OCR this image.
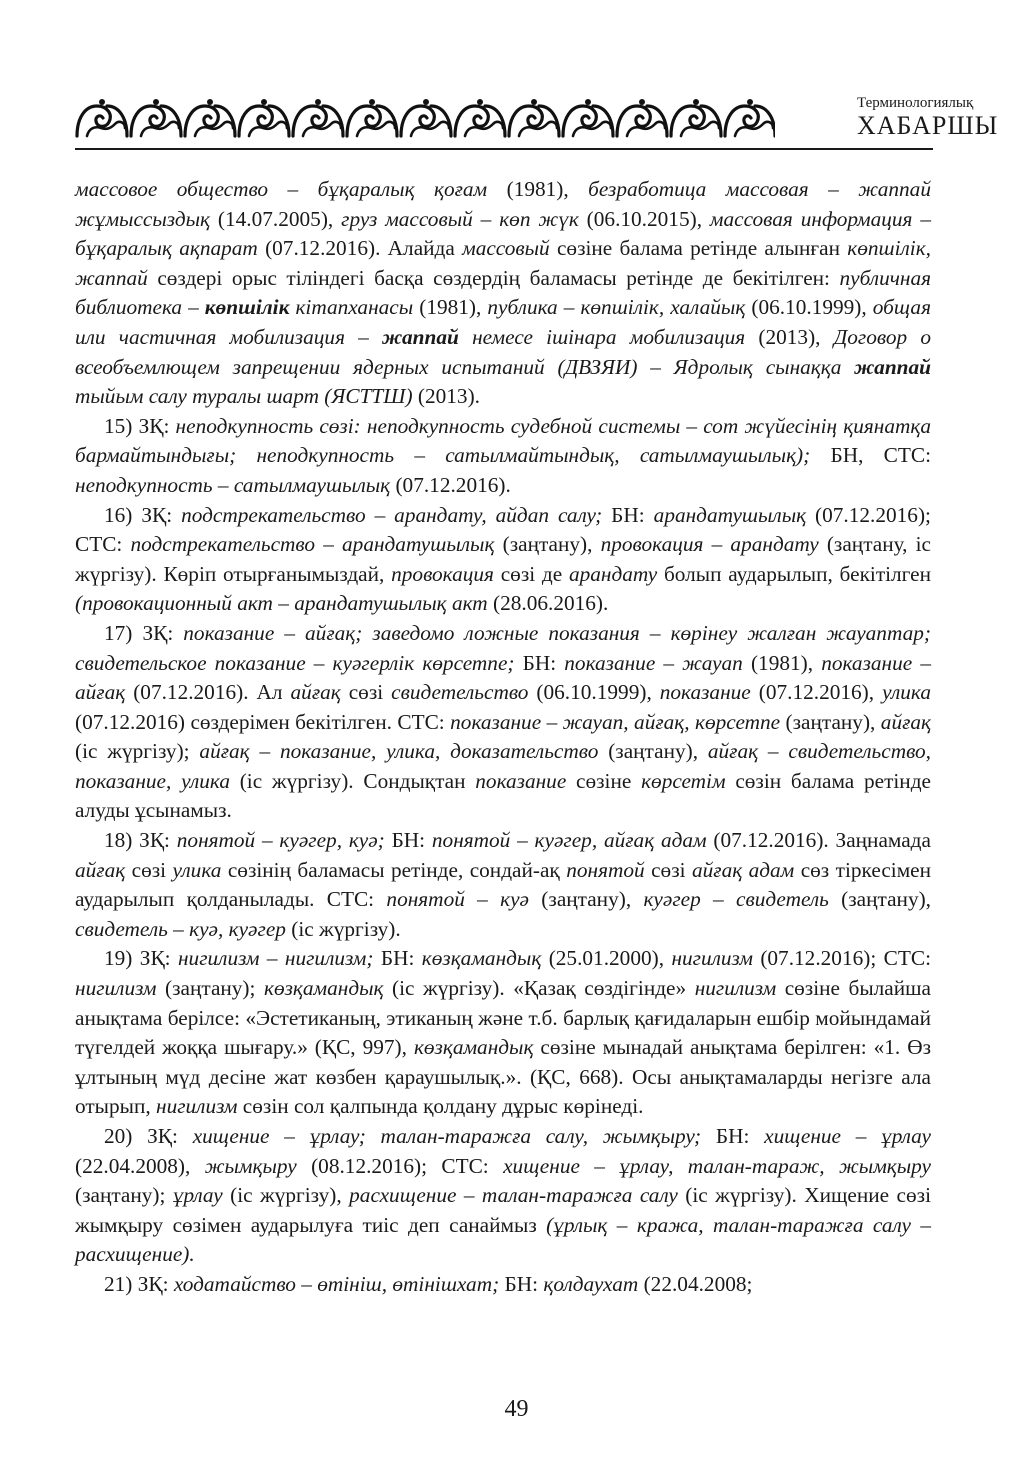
Терминологиялық
ХАБАРШЫ

массовое общество – бұқаралық қоғам (1981), безработица массовая – жаппай жұмыссыздық (14.07.2005), груз массовый – көп жүк (06.10.2015), массовая информация – бұқаралық ақпарат (07.12.2016). Алайда массовый сөзіне балама ретінде алынған көпшілік, жаппай сөздері орыс тіліндегі басқа сөздердің баламасы ретінде де бекітілген: публичная библиотека – көпшілік кітапханасы (1981), публика – көпшілік, халайық (06.10.1999), общая или частичная мобилизация – жаппай немесе ішінара мобилизация (2013), Договор о всеобъемлющем запрещении ядерных испытаний (ДВЗЯИ) – Ядролық сынаққа жаппай тыйым салу туралы шарт (ЯСТТШ) (2013).

15) ЗҚ: неподкупность сөзі: неподкупность судебной системы – сот жүйесінің қиянатқа бармайтындығы; неподкупность – сатылмайтындық, сатылмаушылық); БН, СТС: неподкупность – сатылмаушылық (07.12.2016).

16) ЗҚ: подстрекательство – арандату, айдап салу; БН: арандатушылық (07.12.2016); СТС: подстрекательство – арандатушылық (заңтану), провокация – арандату (заңтану, іс жүргізу). Көріп отырғанымыздай, провокация сөзі де арандату болып аударылып, бекітілген (провокационный акт – арандатушылық акт (28.06.2016).

17) ЗҚ: показание – айғақ; заведомо ложные показания – көрінеу жалған жауаптар; свидетельское показание – куәгерлік көрсетпе; БН: показание – жауап (1981), показание – айғақ (07.12.2016). Ал айғақ сөзі свидетельство (06.10.1999), показание (07.12.2016), улика (07.12.2016) сөздерімен бекітілген. СТС: показание – жауап, айғақ, көрсетпе (заңтану), айғақ (іс жүргізу); айғақ – показание, улика, доказательство (заңтану), айғақ – свидетельство, показание, улика (іс жүргізу). Сондықтан показание сөзіне көрсетім сөзін балама ретінде алуды ұсынамыз.

18) ЗҚ: понятой – куәгер, куә; БН: понятой – куәгер, айғақ адам (07.12.2016). Заңнамада айғақ сөзі улика сөзінің баламасы ретінде, сондай-ақ понятой сөзі айғақ адам сөз тіркесімен аударылып қолданылады. СТС: понятой – куә (заңтану), куәгер – свидетель (заңтану), свидетель – куә, куәгер (іс жүргізу).

19) ЗҚ: нигилизм – нигилизм; БН: көзқамандық (25.01.2000), нигилизм (07.12.2016); СТС: нигилизм (заңтану); көзқамандық (іс жүргізу). «Қазақ сөздігінде» нигилизм сөзіне былайша анықтама берілсе: «Эстетиканың, этиканың және т.б. барлық қағидаларын ешбір мойындамай түгелдей жоққа шығару.» (ҚС, 997), көзқамандық сөзіне мынадай анықтама берілген: «1. Өз ұлтының мүд десіне жат көзбен қараушылық.». (ҚС, 668). Осы анықтамаларды негізге ала отырып, нигилизм сөзін сол қалпында қолдану дұрыс көрінеді.

20) ЗҚ: хищение – ұрлау; талан-таражға салу, жымқыру; БН: хищение – ұрлау (22.04.2008), жымқыру (08.12.2016); СТС: хищение – ұрлау, талан-тараж, жымқыру (заңтану); ұрлау (іс жүргізу), расхищение – талан-таражға салу (іс жүргізу). Хищение сөзі жымқыру сөзімен аударылуға тиіс деп санаймыз (ұрлық – кража, талан-таражға салу – расхищение).

21) ЗҚ: ходатайство – өтініш, өтінішхат; БН: қолдаухат (22.04.2008;

49
